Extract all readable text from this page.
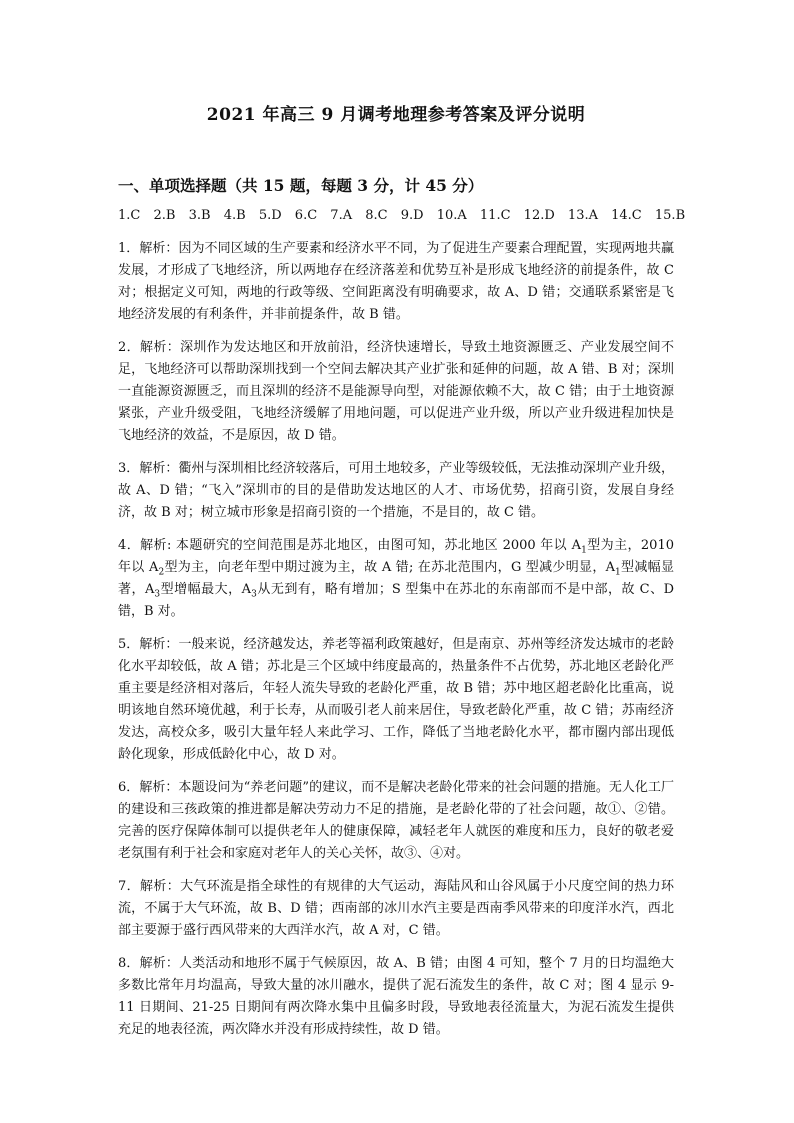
2021 年高三 9 月调考地理参考答案及评分说明
一、单项选择题（共 15 题，每题 3 分，计 45 分）
1.C 2.B 3.B 4.B 5.D 6.C 7.A 8.C 9.D 10.A 11.C 12.D 13.A 14.C 15.B

1．解析：因为不同区域的生产要素和经济水平不同，为了促进生产要素合理配置，实现两地共赢发展，才形成了飞地经济，所以两地存在经济落差和优势互补是形成飞地经济的前提条件，故 C 对；根据定义可知，两地的行政等级、空间距离没有明确要求，故 A、D 错；交通联系紧密是飞地经济发展的有利条件，并非前提条件，故 B 错。

2．解析：深圳作为发达地区和开放前沿，经济快速增长，导致土地资源匮乏、产业发展空间不足，飞地经济可以帮助深圳找到一个空间去解决其产业扩张和延伸的问题，故 A 错、B 对；深圳一直能源资源匮乏，而且深圳的经济不是能源导向型，对能源依赖不大，故 C 错；由于土地资源紧张，产业升级受阻，飞地经济缓解了用地问题，可以促进产业升级，所以产业升级进程加快是飞地经济的效益，不是原因，故 D 错。

3．解析：衢州与深圳相比经济较落后，可用土地较多，产业等级较低，无法推动深圳产业升级，故 A、D 错；“飞入”深圳市的目的是借助发达地区的人才、市场优势，招商引资，发展自身经济，故 B 对；树立城市形象是招商引资的一个措施，不是目的，故 C 错。

4．解析: 本题研究的空间范围是苏北地区，由图可知，苏北地区 2000 年以 $A_1$型为主，2010 年以 $A_2$型为主，向老年型中期过渡为主，故 A 错; 在苏北范围内，G 型减少明显，$A_1$型减幅显著，$A_3$型增幅最大，$A_3$从无到有，略有增加；S 型集中在苏北的东南部而不是中部，故 C、D 错，B 对。

5．解析：一般来说，经济越发达，养老等福利政策越好，但是南京、苏州等经济发达城市的老龄化水平却较低，故 A 错；苏北是三个区域中纬度最高的，热量条件不占优势，苏北地区老龄化严重主要是经济相对落后，年轻人流失导致的老龄化严重，故 B 错；苏中地区超老龄化比重高，说明该地自然环境优越，利于长寿，从而吸引老人前来居住，导致老龄化严重，故 C 错；苏南经济发达，高校众多，吸引大量年轻人来此学习、工作，降低了当地老龄化水平，都市圈内部出现低龄化现象，形成低龄化中心，故 D 对。

6．解析：本题设问为“养老问题”的建议，而不是解决老龄化带来的社会问题的措施。无人化工厂的建设和三孩政策的推进都是解决劳动力不足的措施，是老龄化带的了社会问题，故①、②错。完善的医疗保障体制可以提供老年人的健康保障，减轻老年人就医的难度和压力，良好的敬老爱老氛围有利于社会和家庭对老年人的关心关怀，故③、④对。

7．解析：大气环流是指全球性的有规律的大气运动，海陆风和山谷风属于小尺度空间的热力环流，不属于大气环流，故 B、D 错；西南部的冰川水汽主要是西南季风带来的印度洋水汽，西北部主要源于盛行西风带来的大西洋水汽，故 A 对，C 错。

8．解析：人类活动和地形不属于气候原因，故 A、B 错；由图 4 可知，整个 7 月的日均温绝大多数比常年月均温高，导致大量的冰川融水，提供了泥石流发生的条件，故 C 对；图 4 显示 9-11 日期间、21-25 日期间有两次降水集中且偏多时段，导致地表径流量大，为泥石流发生提供充足的地表径流，两次降水并没有形成持续性，故 D 错。
